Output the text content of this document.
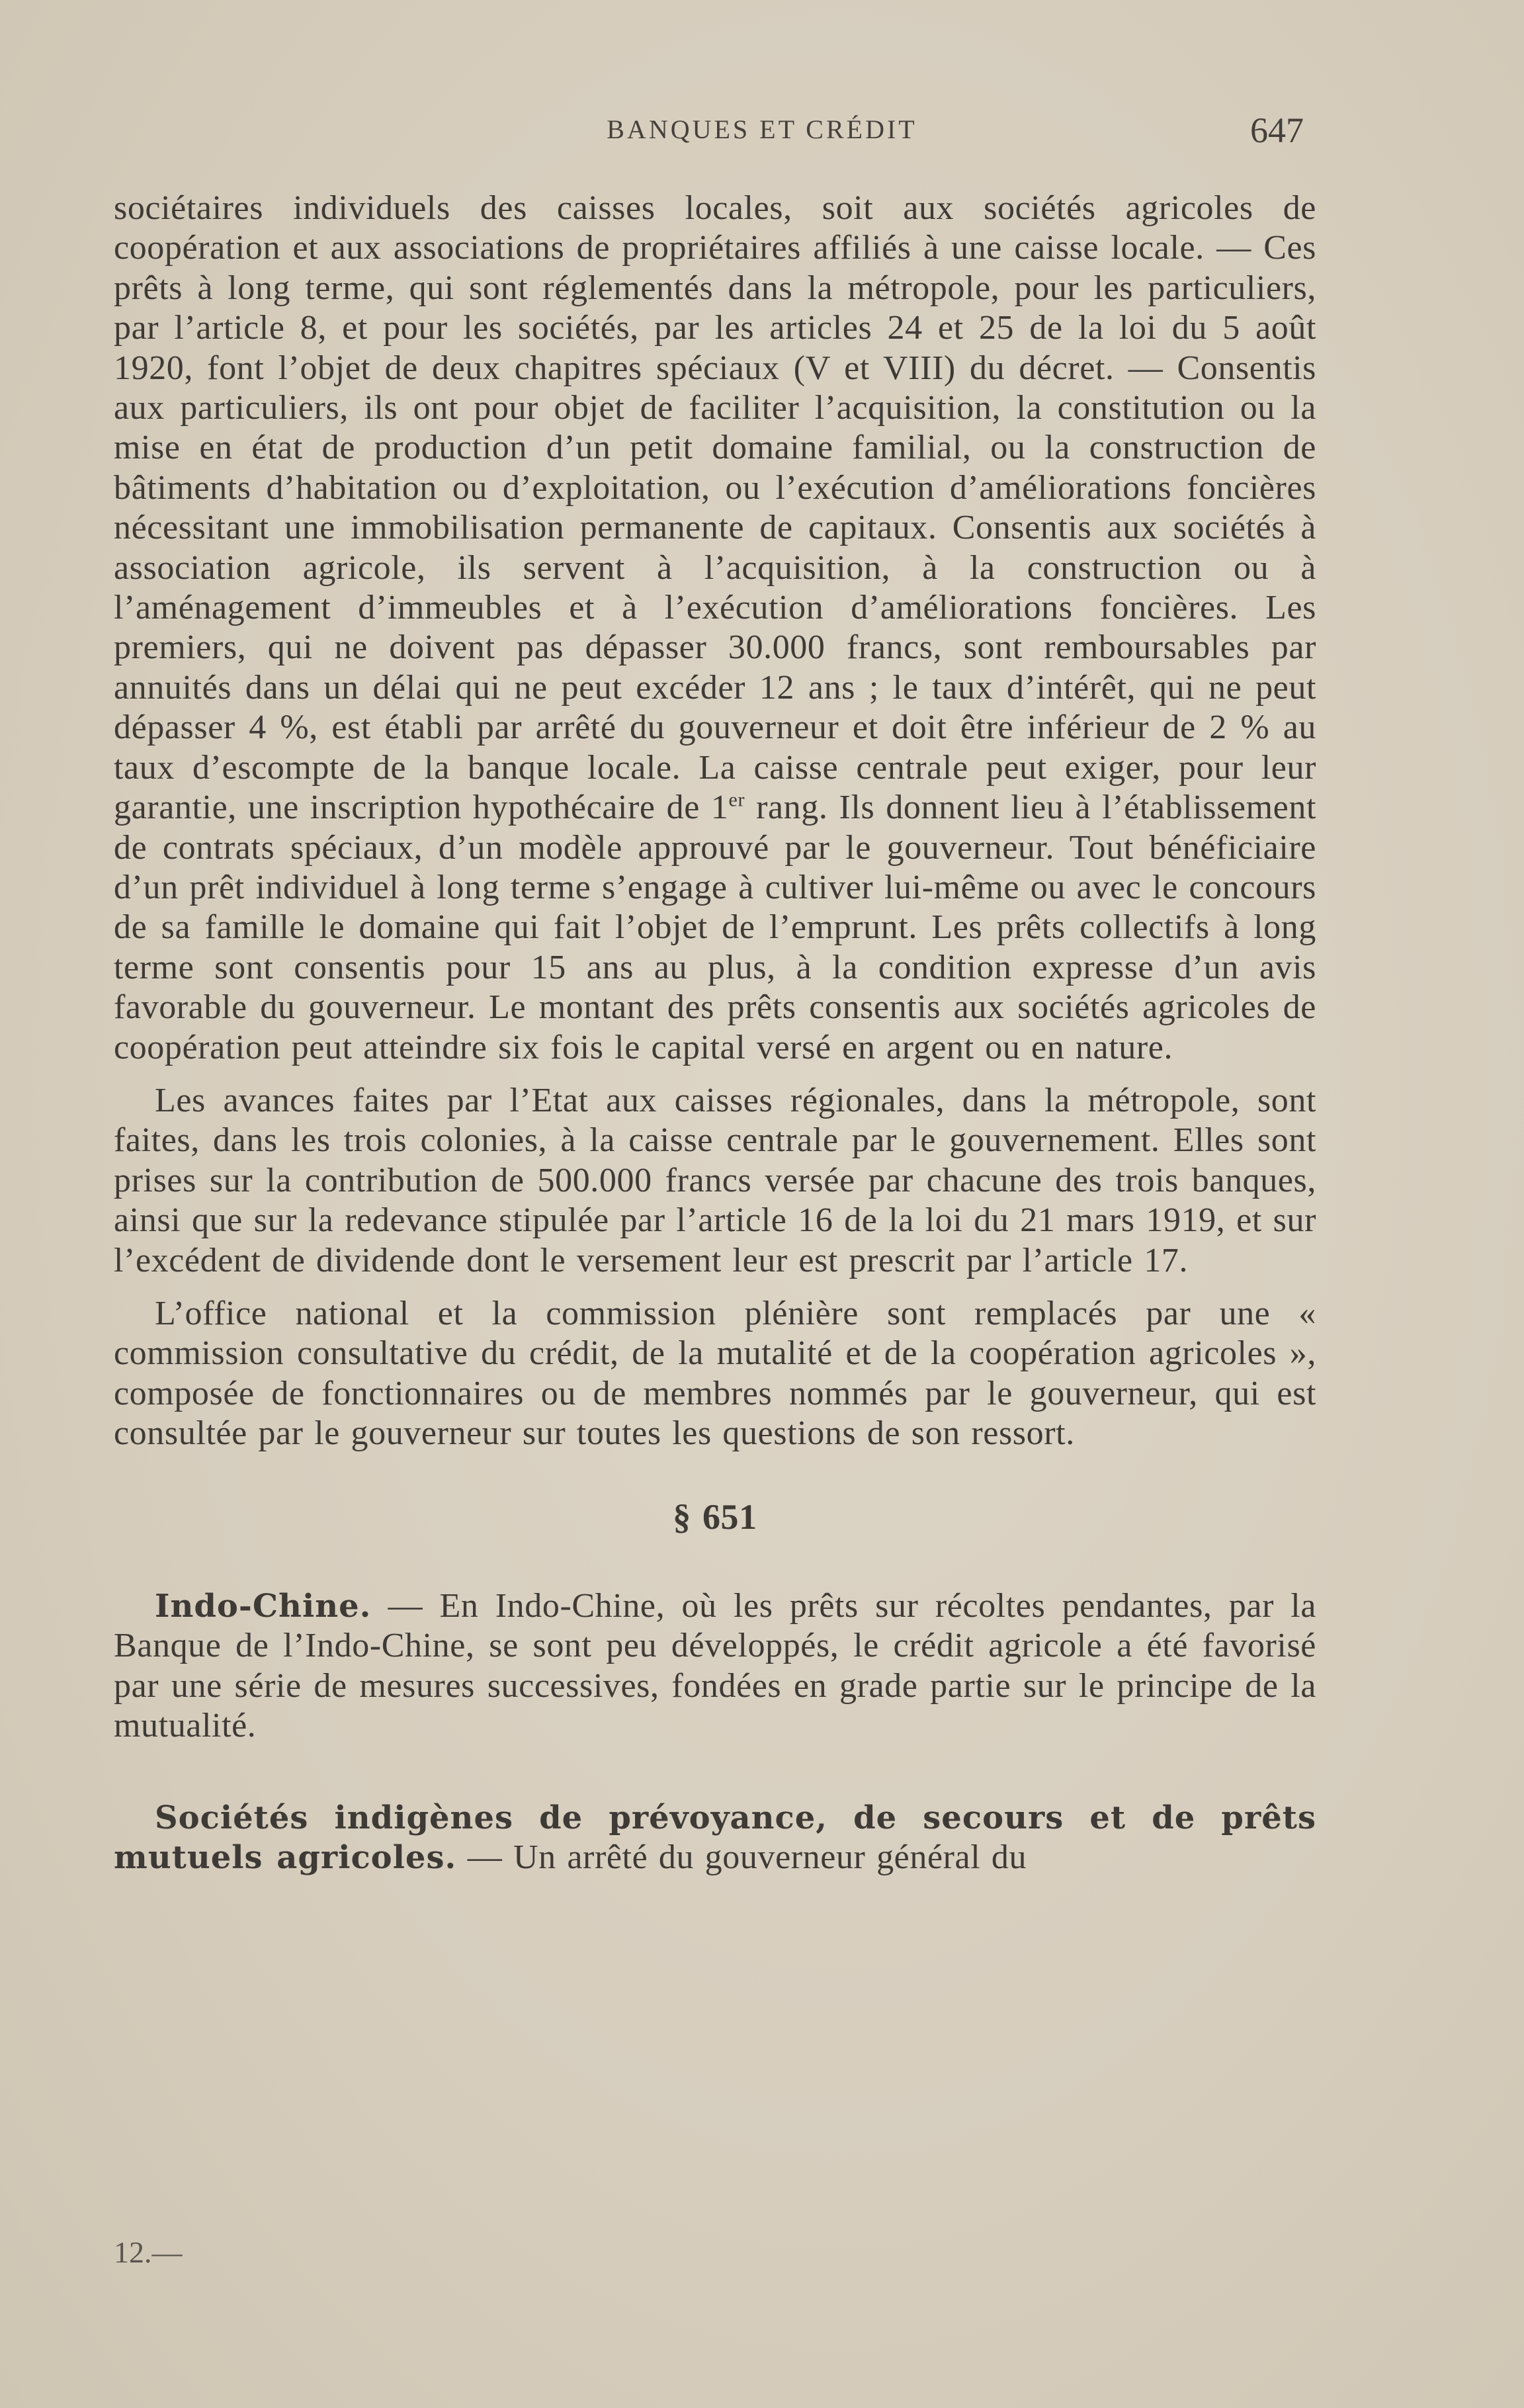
BANQUES ET CRÉDIT	647

sociétaires individuels des caisses locales, soit aux sociétés agricoles de coopération et aux associations de propriétaires affiliés à une caisse locale. — Ces prêts à long terme, qui sont réglementés dans la métropole, pour les particuliers, par l’article 8, et pour les sociétés, par les articles 24 et 25 de la loi du 5 août 1920, font l’objet de deux chapitres spéciaux (V et VIII) du décret. — Consentis aux particuliers, ils ont pour objet de faciliter l’acquisition, la constitution ou la mise en état de production d’un petit domaine familial, ou la construction de bâtiments d’habitation ou d’exploitation, ou l’exécution d’améliorations foncières nécessitant une immobilisation permanente de capitaux. Consentis aux sociétés à association agricole, ils servent à l’acquisition, à la construction ou à l’aménagement d’immeubles et à l’exécution d’améliorations foncières. Les premiers, qui ne doivent pas dépasser 30.000 francs, sont remboursables par annuités dans un délai qui ne peut excéder 12 ans ; le taux d’intérêt, qui ne peut dépasser 4 %, est établi par arrêté du gouverneur et doit être inférieur de 2 % au taux d’escompte de la banque locale. La caisse centrale peut exiger, pour leur garantie, une inscription hypothécaire de 1er rang. Ils donnent lieu à l’établissement de contrats spéciaux, d’un modèle approuvé par le gouverneur. Tout bénéficiaire d’un prêt individuel à long terme s’engage à cultiver lui-même ou avec le concours de sa famille le domaine qui fait l’objet de l’emprunt. Les prêts collectifs à long terme sont consentis pour 15 ans au plus, à la condition expresse d’un avis favorable du gouverneur. Le montant des prêts consentis aux sociétés agricoles de coopération peut atteindre six fois le capital versé en argent ou en nature.

Les avances faites par l’Etat aux caisses régionales, dans la métropole, sont faites, dans les trois colonies, à la caisse centrale par le gouvernement. Elles sont prises sur la contribution de 500.000 francs versée par chacune des trois banques, ainsi que sur la redevance stipulée par l’article 16 de la loi du 21 mars 1919, et sur l’excédent de dividende dont le versement leur est prescrit par l’article 17.

L’office national et la commission plénière sont remplacés par une « commission consultative du crédit, de la mutalité et de la coopération agricoles », composée de fonctionnaires ou de membres nommés par le gouverneur, qui est consultée par le gouverneur sur toutes les questions de son ressort.

§ 651

Indo-Chine. — En Indo-Chine, où les prêts sur récoltes pendantes, par la Banque de l’Indo-Chine, se sont peu développés, le crédit agricole a été favorisé par une série de mesures successives, fondées en grade partie sur le principe de la mutualité.

Sociétés indigènes de prévoyance, de secours et de prêts mutuels agricoles. — Un arrêté du gouverneur général du

12.—
